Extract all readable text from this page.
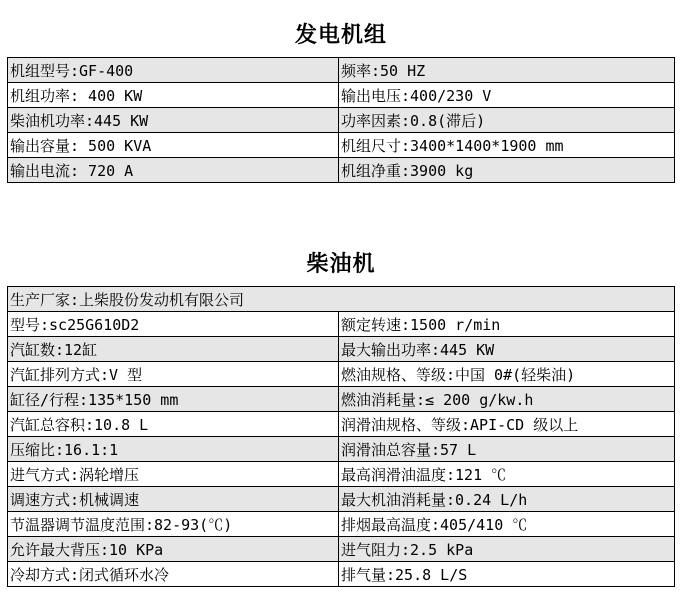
发电机组
机组型号:GF-400	频率:50 HZ
机组功率: 400 KW	输出电压:400/230 V
柴油机功率:445 KW	功率因素:0.8(滞后)
输出容量: 500 KVA	机组尺寸:3400*1400*1900 mm
输出电流: 720 A	机组净重:3900 kg
柴油机
生产厂家:上柴股份发动机有限公司	
型号:sc25G610D2	额定转速:1500 r/min
汽缸数:12缸	最大输出功率:445 KW
汽缸排列方式:V 型	燃油规格、等级:中国 0#(轻柴油)
缸径/行程:135*150 mm	燃油消耗量:≤ 200 g/kw.h
汽缸总容积:10.8 L	润滑油规格、等级:API-CD 级以上
压缩比:16.1:1	润滑油总容量:57 L
进气方式:涡轮增压	最高润滑油温度:121 ℃
调速方式:机械调速	最大机油消耗量:0.24 L/h
节温器调节温度范围:82-93(℃)	排烟最高温度:405/410 ℃
允许最大背压:10 KPa	进气阻力:2.5 kPa
冷却方式:闭式循环水冷	排气量:25.8 L/S
